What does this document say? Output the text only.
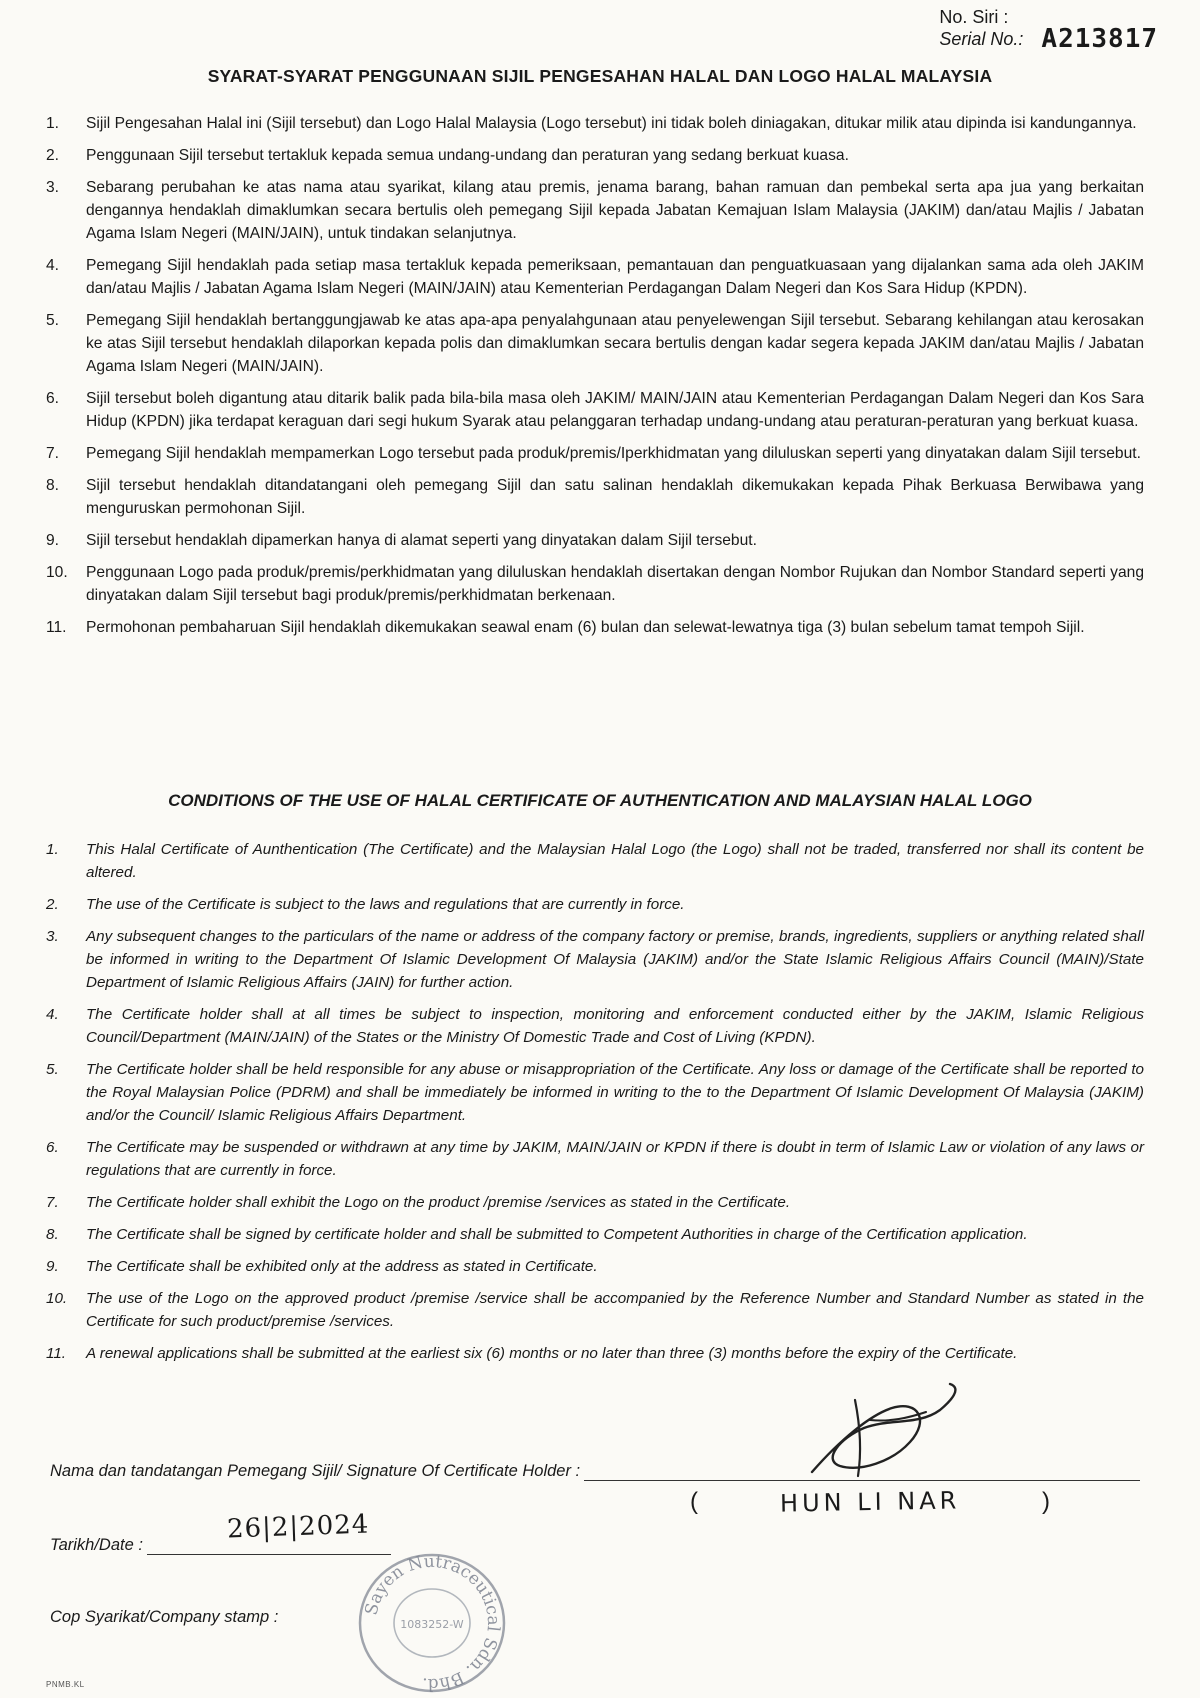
No. Siri :
Serial No.: A213817
SYARAT-SYARAT PENGGUNAAN SIJIL PENGESAHAN HALAL DAN LOGO HALAL MALAYSIA
1. Sijil Pengesahan Halal ini (Sijil tersebut) dan Logo Halal Malaysia (Logo tersebut) ini tidak boleh diniagakan, ditukar milik atau dipinda isi kandungannya.
2. Penggunaan Sijil tersebut tertakluk kepada semua undang-undang dan peraturan yang sedang berkuat kuasa.
3. Sebarang perubahan ke atas nama atau syarikat, kilang atau premis, jenama barang, bahan ramuan dan pembekal serta apa jua yang berkaitan dengannya hendaklah dimaklumkan secara bertulis oleh pemegang Sijil kepada Jabatan Kemajuan Islam Malaysia (JAKIM) dan/atau Majlis / Jabatan Agama Islam Negeri (MAIN/JAIN), untuk tindakan selanjutnya.
4. Pemegang Sijil hendaklah pada setiap masa tertakluk kepada pemeriksaan, pemantauan dan penguatkuasaan yang dijalankan sama ada oleh JAKIM dan/atau Majlis / Jabatan Agama Islam Negeri (MAIN/JAIN) atau Kementerian Perdagangan Dalam Negeri dan Kos Sara Hidup (KPDN).
5. Pemegang Sijil hendaklah bertanggungjawab ke atas apa-apa penyalahgunaan atau penyelewengan Sijil tersebut. Sebarang kehilangan atau kerosakan ke atas Sijil tersebut hendaklah dilaporkan kepada polis dan dimaklumkan secara bertulis dengan kadar segera kepada JAKIM dan/atau Majlis / Jabatan Agama Islam Negeri (MAIN/JAIN).
6. Sijil tersebut boleh digantung atau ditarik balik pada bila-bila masa oleh JAKIM/ MAIN/JAIN atau Kementerian Perdagangan Dalam Negeri dan Kos Sara Hidup (KPDN) jika terdapat keraguan dari segi hukum Syarak atau pelanggaran terhadap undang-undang atau peraturan-peraturan yang berkuat kuasa.
7. Pemegang Sijil hendaklah mempamerkan Logo tersebut pada produk/premis/Iperkhidmatan yang diluluskan seperti yang dinyatakan dalam Sijil tersebut.
8. Sijil tersebut hendaklah ditandatangani oleh pemegang Sijil dan satu salinan hendaklah dikemukakan kepada Pihak Berkuasa Berwibawa yang menguruskan permohonan Sijil.
9. Sijil tersebut hendaklah dipamerkan hanya di alamat seperti yang dinyatakan dalam Sijil tersebut.
10. Penggunaan Logo pada produk/premis/perkhidmatan yang diluluskan hendaklah disertakan dengan Nombor Rujukan dan Nombor Standard seperti yang dinyatakan dalam Sijil tersebut bagi produk/premis/perkhidmatan berkenaan.
11. Permohonan pembaharuan Sijil hendaklah dikemukakan seawal enam (6) bulan dan selewat-lewatnya tiga (3) bulan sebelum tamat tempoh Sijil.
CONDITIONS OF THE USE OF HALAL CERTIFICATE OF AUTHENTICATION AND MALAYSIAN HALAL LOGO
1. This Halal Certificate of Aunthentication (The Certificate) and the Malaysian Halal Logo (the Logo) shall not be traded, transferred nor shall its content be altered.
2. The use of the Certificate is subject to the laws and regulations that are currently in force.
3. Any subsequent changes to the particulars of the name or address of the company factory or premise, brands, ingredients, suppliers or anything related shall be informed in writing to the Department Of Islamic Development Of Malaysia (JAKIM) and/or the State Islamic Religious Affairs Council (MAIN)/State Department of Islamic Religious Affairs (JAIN) for further action.
4. The Certificate holder shall at all times be subject to inspection, monitoring and enforcement conducted either by the JAKIM, Islamic Religious Council/Department (MAIN/JAIN) of the States or the Ministry Of Domestic Trade and Cost of Living (KPDN).
5. The Certificate holder shall be held responsible for any abuse or misappropriation of the Certificate. Any loss or damage of the Certificate shall be reported to the Royal Malaysian Police (PDRM) and shall be immediately be informed in writing to the to the Department Of Islamic Development Of Malaysia (JAKIM) and/or the Council/ Islamic Religious Affairs Department.
6. The Certificate may be suspended or withdrawn at any time by JAKIM, MAIN/JAIN or KPDN if there is doubt in term of Islamic Law or violation of any laws or regulations that are currently in force.
7. The Certificate holder shall exhibit the Logo on the product /premise /services as stated in the Certificate.
8. The Certificate shall be signed by certificate holder and shall be submitted to Competent Authorities in charge of the Certification application.
9. The Certificate shall be exhibited only at the address as stated in Certificate.
10. The use of the Logo on the approved product /premise /service shall be accompanied by the Reference Number and Standard Number as stated in the Certificate for such product/premise /services.
11. A renewal applications shall be submitted at the earliest six (6) months or no later than three (3) months before the expiry of the Certificate.
Nama dan tandatangan Pemegang Sijil/ Signature Of Certificate Holder :
(	HUN LI NAR	)
Tarikh/Date :
26|2|2024
Cop Syarikat/Company stamp :	Sayen Nutraceutical Sdn. Bhd.
1083252-W
PNMB.KL
